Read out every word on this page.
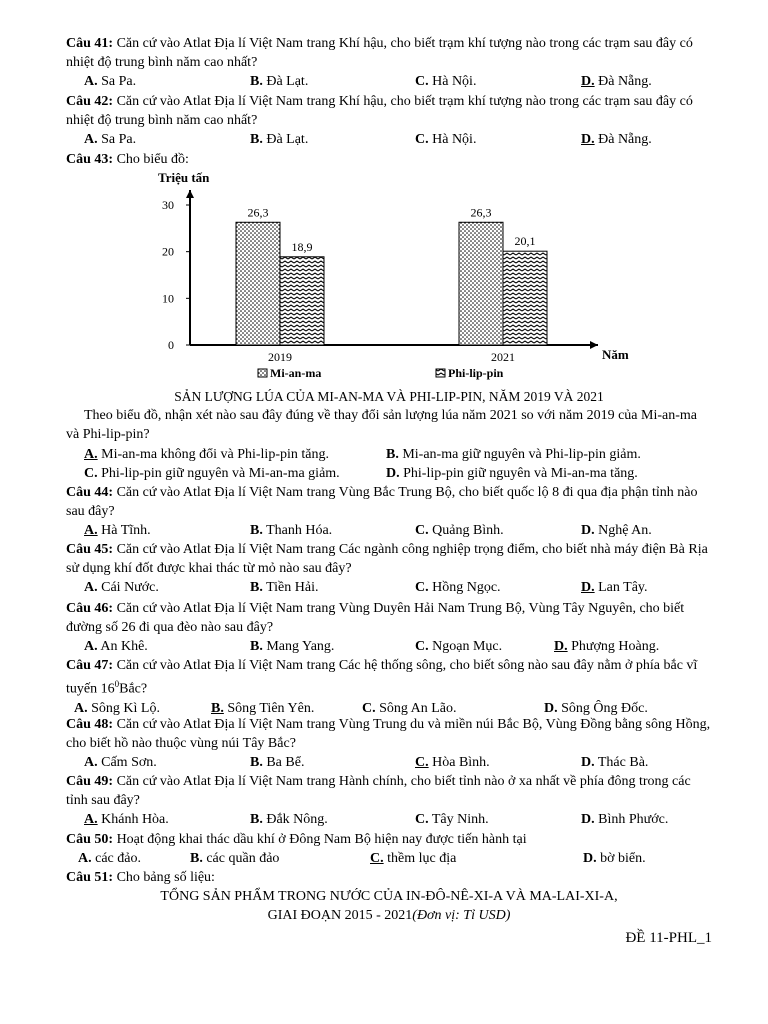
Câu 41: Căn cứ vào Atlat Địa lí Việt Nam trang Khí hậu, cho biết trạm khí tượng nào trong các trạm sau đây có nhiệt độ trung bình năm cao nhất?
A. Sa Pa.	B. Đà Lạt.	C. Hà Nội.	D. Đà Nẵng.
Câu 42: Căn cứ vào Atlat Địa lí Việt Nam trang Khí hậu, cho biết trạm khí tượng nào trong các trạm sau đây có nhiệt độ trung bình năm cao nhất?
A. Sa Pa.	B. Đà Lạt.	C. Hà Nội.	D. Đà Nẵng.
Câu 43: Cho biểu đồ:
Triệu tấn
Năm
0
10
20
30
2019	2021
26,3
18,9
26,3
20,1
Mi-an-ma	Phi-lip-pin
SẢN LƯỢNG LÚA CỦA MI-AN-MA VÀ PHI-LIP-PIN, NĂM 2019 VÀ 2021
Theo biểu đồ, nhận xét nào sau đây đúng về thay đổi sản lượng lúa năm 2021 so với năm 2019 của Mi-an-ma và Phi-lip-pin?
A. Mi-an-ma không đổi và Phi-lip-pin tăng.	B. Mi-an-ma giữ nguyên và Phi-lip-pin giảm.
C. Phi-lip-pin giữ nguyên và Mi-an-ma giảm.	D. Phi-lip-pin giữ nguyên và Mi-an-ma tăng.
Câu 44: Căn cứ vào Atlat Địa lí Việt Nam trang Vùng Bắc Trung Bộ, cho biết quốc lộ 8 đi qua địa phận tỉnh nào sau đây?
A. Hà Tĩnh.	B. Thanh Hóa.	C. Quảng Bình.	D. Nghệ An.
Câu 45: Căn cứ vào Atlat Địa lí Việt Nam trang Các ngành công nghiệp trọng điểm, cho biết nhà máy điện Bà Rịa sử dụng khí đốt được khai thác từ mỏ nào sau đây?
A. Cái Nước.	B. Tiền Hải.	C. Hồng Ngọc.	D. Lan Tây.
Câu 46: Căn cứ vào Atlat Địa lí Việt Nam trang Vùng Duyên Hải Nam Trung Bộ, Vùng Tây Nguyên, cho biết đường số 26 đi qua đèo nào sau đây?
A. An Khê.	B. Mang Yang.	C. Ngoạn Mục.	D. Phượng Hoàng.
Câu 47: Căn cứ vào Atlat Địa lí Việt Nam trang Các hệ thống sông, cho biết sông nào sau đây nằm ở phía bắc vĩ tuyến $16^0Bắc$?
A. Sông Kì Lộ.	B. Sông Tiên Yên.	C. Sông An Lão.	D. Sông Ông Đốc.
Câu 48: Căn cứ vào Atlat Địa lí Việt Nam trang Vùng Trung du và miền núi Bắc Bộ, Vùng Đồng bằng sông Hồng, cho biết hồ nào thuộc vùng núi Tây Bắc?
A. Cấm Sơn.	B. Ba Bể.	C. Hòa Bình.	D. Thác Bà.
Câu 49: Căn cứ vào Atlat Địa lí Việt Nam trang Hành chính, cho biết tỉnh nào ở xa nhất về phía đông trong các tỉnh sau đây?
A. Khánh Hòa.	B. Đắk Nông.	C. Tây Ninh.	D. Bình Phước.
Câu 50: Hoạt động khai thác dầu khí ở Đông Nam Bộ hiện nay được tiến hành tại
A. các đảo.	B. các quần đảo	C. thềm lục địa	D. bờ biển.
Câu 51: Cho bảng số liệu:
TỔNG SẢN PHẨM TRONG NƯỚC CỦA IN-ĐÔ-NÊ-XI-A VÀ MA-LAI-XI-A,
GIAI ĐOẠN 2015 - 2021(Đơn vị: Tỉ USD)
ĐỀ 11-PHL_1
